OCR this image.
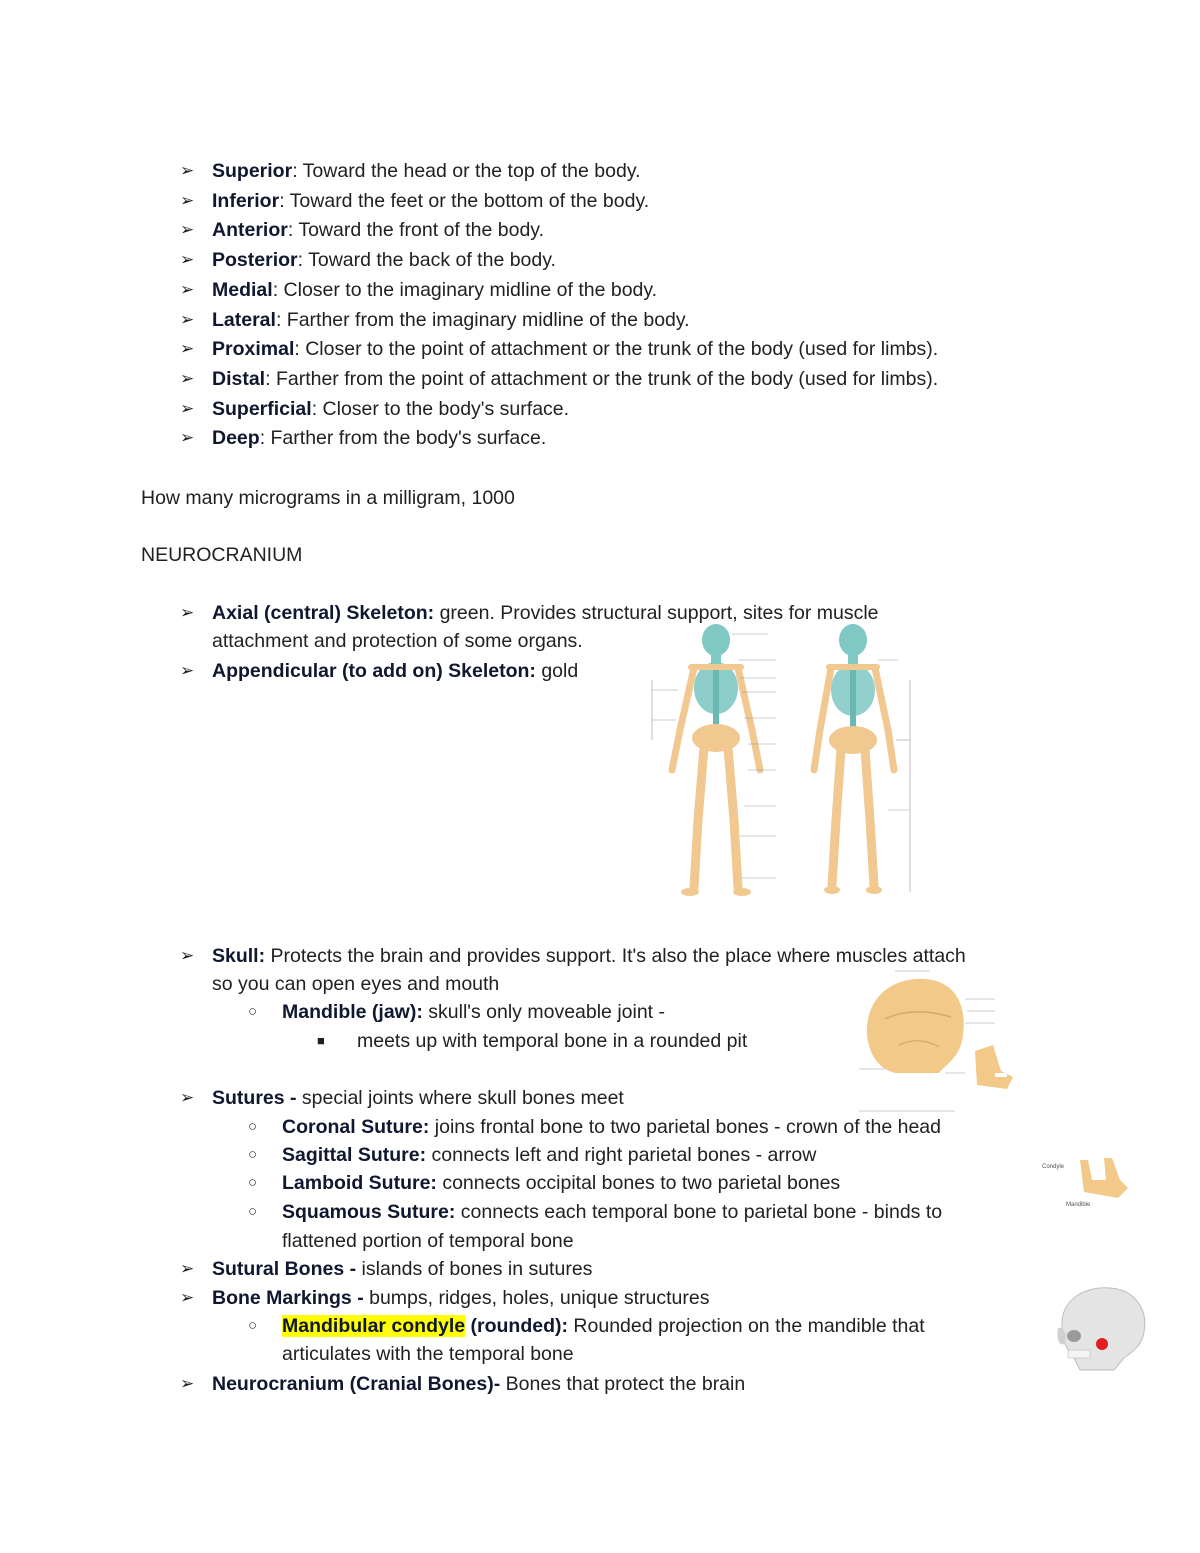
➢ Superior: Toward the head or the top of the body.
➢ Inferior: Toward the feet or the bottom of the body.
➢ Anterior: Toward the front of the body.
➢ Posterior: Toward the back of the body.
➢ Medial: Closer to the imaginary midline of the body.
➢ Lateral: Farther from the imaginary midline of the body.
➢ Proximal: Closer to the point of attachment or the trunk of the body (used for limbs).
➢ Distal: Farther from the point of attachment or the trunk of the body (used for limbs).
➢ Superficial: Closer to the body's surface.
➢ Deep: Farther from the body's surface.
How many micrograms in a milligram, 1000
NEUROCRANIUM
➢ Axial (central) Skeleton: green. Provides structural support, sites for muscle
attachment and protection of some organs.
➢ Appendicular (to add on) Skeleton: gold
➢ Skull: Protects the brain and provides support. It's also the place where muscles attach
so you can open eyes and mouth
○	Mandible (jaw): skull's only moveable joint -
■	meets up with temporal bone in a rounded pit
➢ Sutures - special joints where skull bones meet
○	Coronal Suture: joins frontal bone to two parietal bones - crown of the head
○	Sagittal Suture: connects left and right parietal bones - arrow
○	Lamboid Suture: connects occipital bones to two parietal bones
○	Squamous Suture: connects each temporal bone to parietal bone - binds to
flattened portion of temporal bone
Condyle
Mandible
➢ Sutural Bones - islands of bones in sutures
➢ Bone Markings - bumps, ridges, holes, unique structures
○	Mandibular condyle (rounded): Rounded projection on the mandible that
articulates with the temporal bone
➢ Neurocranium (Cranial Bones)- Bones that protect the brain
